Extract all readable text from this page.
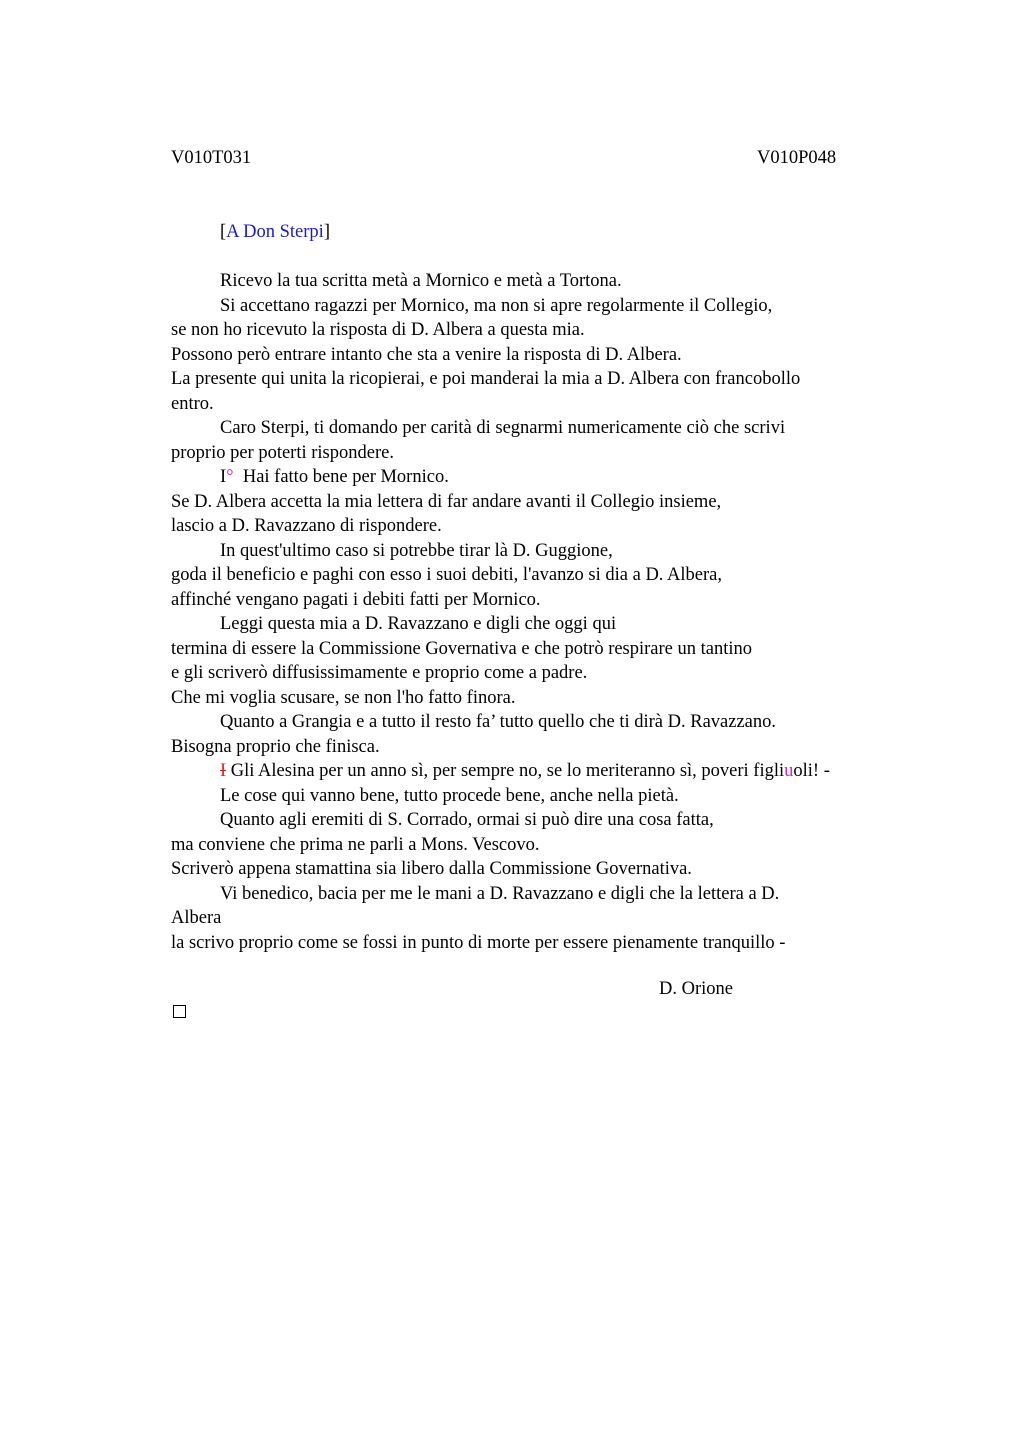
V010T031	V010P048
[A Don Sterpi]
Ricevo la tua scritta metà a Mornico e metà a Tortona.
Si accettano ragazzi per Mornico, ma non si apre regolarmente il Collegio,
se non ho ricevuto la risposta di D. Albera a questa mia.
Possono però entrare intanto che sta a venire la risposta di D. Albera.
La presente qui unita la ricopierai, e poi manderai la mia a D. Albera con francobollo
entro.
Caro Sterpi, ti domando per carità di segnarmi numericamente ciò che scrivi
proprio per poterti rispondere.
I°  Hai fatto bene per Mornico.
Se D. Albera accetta la mia lettera di far andare avanti il Collegio insieme,
lascio a D. Ravazzano di rispondere.
In quest'ultimo caso si potrebbe tirar là D. Guggione,
goda il beneficio e paghi con esso i suoi debiti, l'avanzo si dia a D. Albera,
affinché vengano pagati i debiti fatti per Mornico.
Leggi questa mia a D. Ravazzano e digli che oggi qui
termina di essere la Commissione Governativa e che potrò respirare un tantino
e gli scriverò diffusissimamente e proprio come a padre.
Che mi voglia scusare, se non l'ho fatto finora.
Quanto a Grangia e a tutto il resto fa’ tutto quello che ti dirà D. Ravazzano.
Bisogna proprio che finisca.
I Gli Alesina per un anno sì, per sempre no, se lo meriteranno sì, poveri figliuoli! -
Le cose qui vanno bene, tutto procede bene, anche nella pietà.
Quanto agli eremiti di S. Corrado, ormai si può dire una cosa fatta,
ma conviene che prima ne parli a Mons. Vescovo.
Scriverò appena stamattina sia libero dalla Commissione Governativa.
Vi benedico, bacia per me le mani a D. Ravazzano e digli che la lettera a D.
Albera
la scrivo proprio come se fossi in punto di morte per essere pienamente tranquillo -
D. Orione
